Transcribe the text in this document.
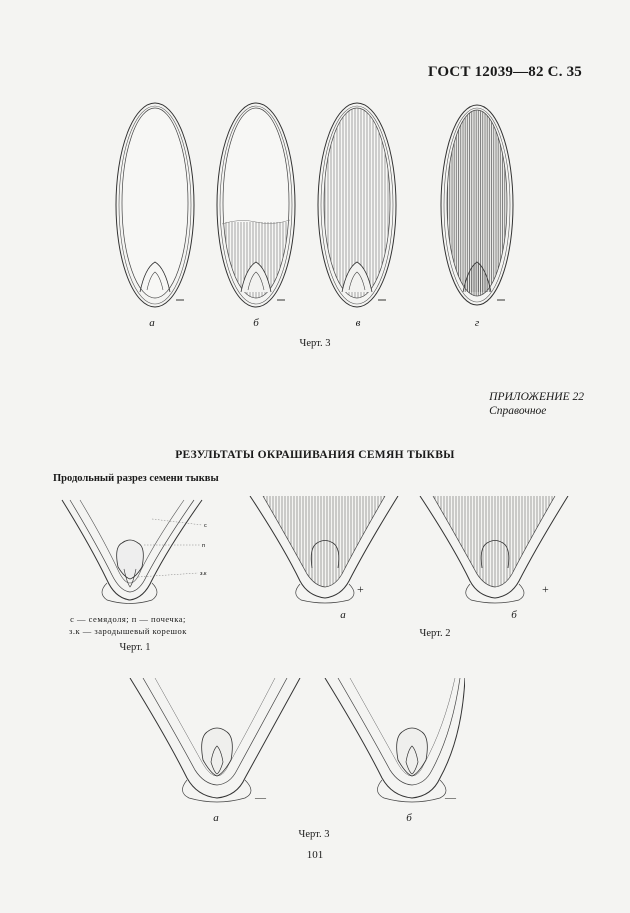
ГОСТ 12039—82 С. 35
а	б	в	г
Черт. 3
ПРИЛОЖЕНИЕ 22
Справочное
РЕЗУЛЬТАТЫ ОКРАШИВАНИЯ СЕМЯН ТЫКВЫ
Продольный разрез семени тыквы
с
п
з.к
с — семядоля; п — почечка;
з.к — зародышевый корешок
Черт. 1
+	+
а	б
Черт. 2
—	—
а	б
Черт. 3
101
